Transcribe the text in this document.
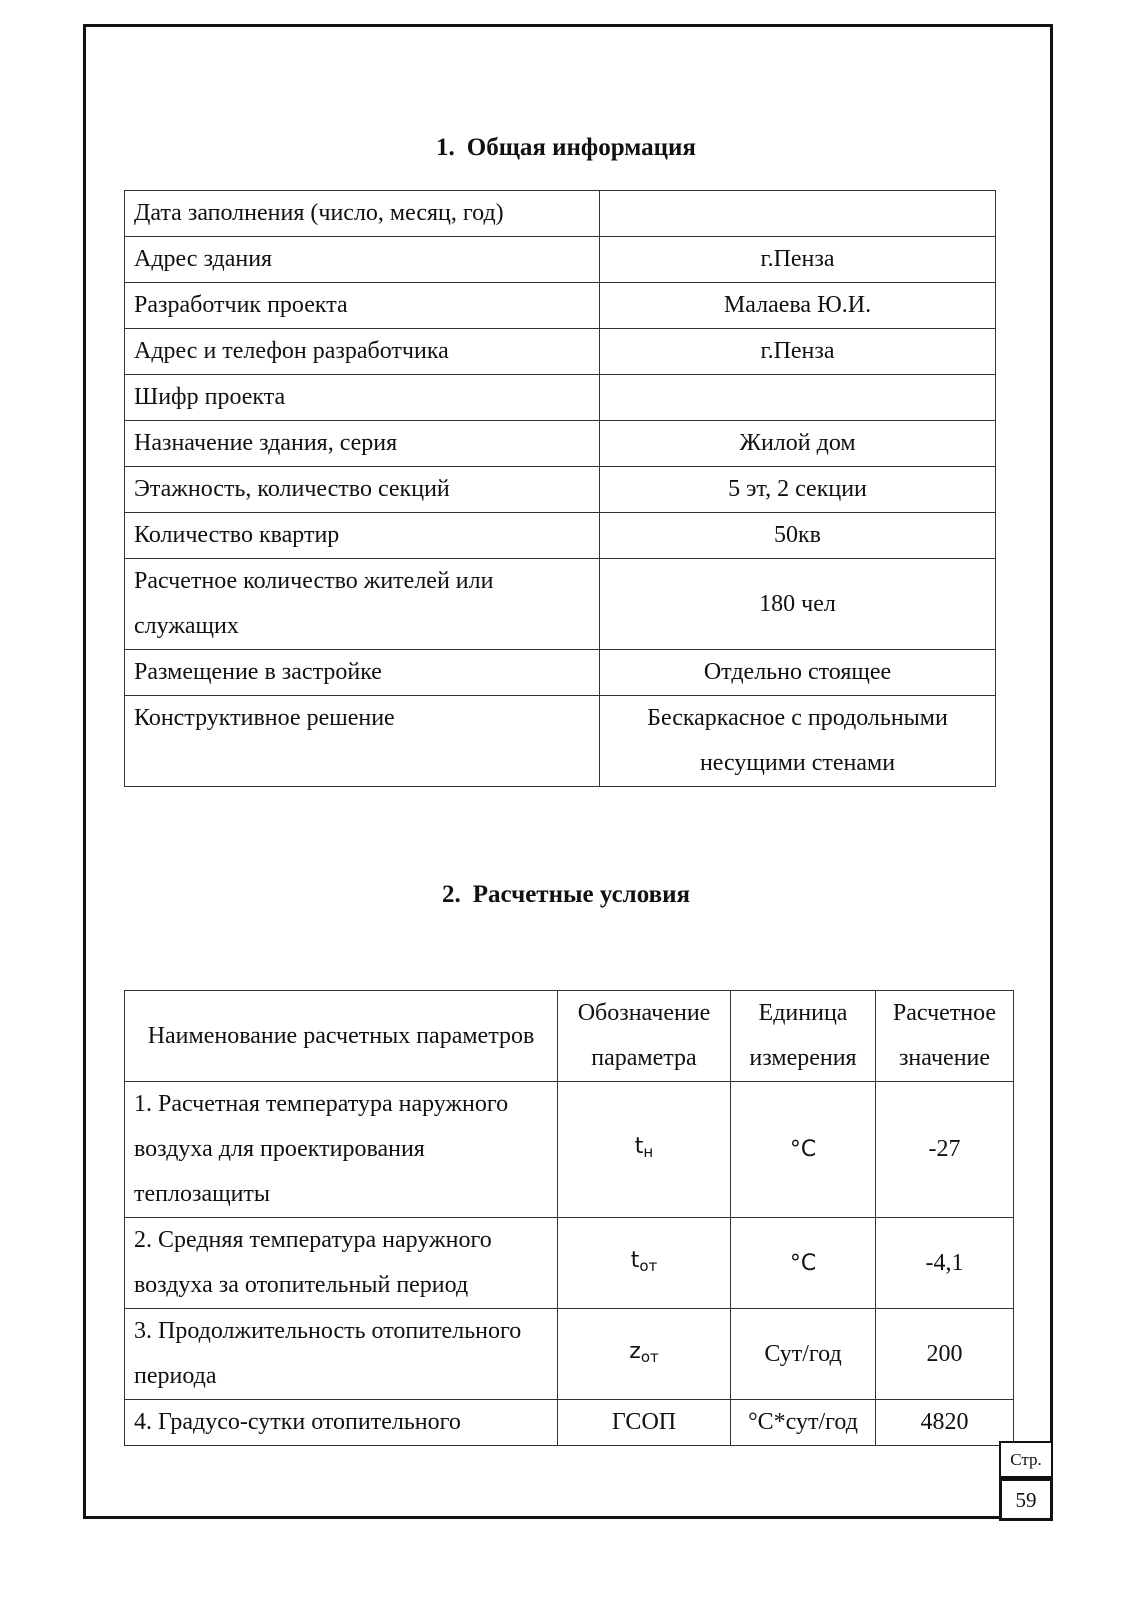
1. Общая информация
Дата заполнения (число, месяц, год)	
Адрес здания	г.Пенза
Разработчик проекта	Малаева Ю.И.
Адрес и телефон разработчика	г.Пенза
Шифр проекта	
Назначение здания, серия	Жилой дом
Этажность, количество секций	5 эт, 2 секции
Количество квартир	50кв
Расчетное количество жителей или служащих	180 чел
Размещение в застройке	Отдельно стоящее
Конструктивное решение	Бескаркасное с продольными несущими стенами
2. Расчетные условия
Наименование расчетных параметров	Обозначение параметра	Единица измерения	Расчетное значение
1. Расчетная температура наружного воздуха для проектирования теплозащиты	$t_н$	°C	-27
2. Средняя температура наружного воздуха за отопительный период	$t_{от}$	°C	-4,1
3. Продолжительность отопительного периода	$z_{от}$	Сут/год	200
4. Градусо-сутки отопительного	ГСОП	°C*сут/год	4820
Стр.
59
